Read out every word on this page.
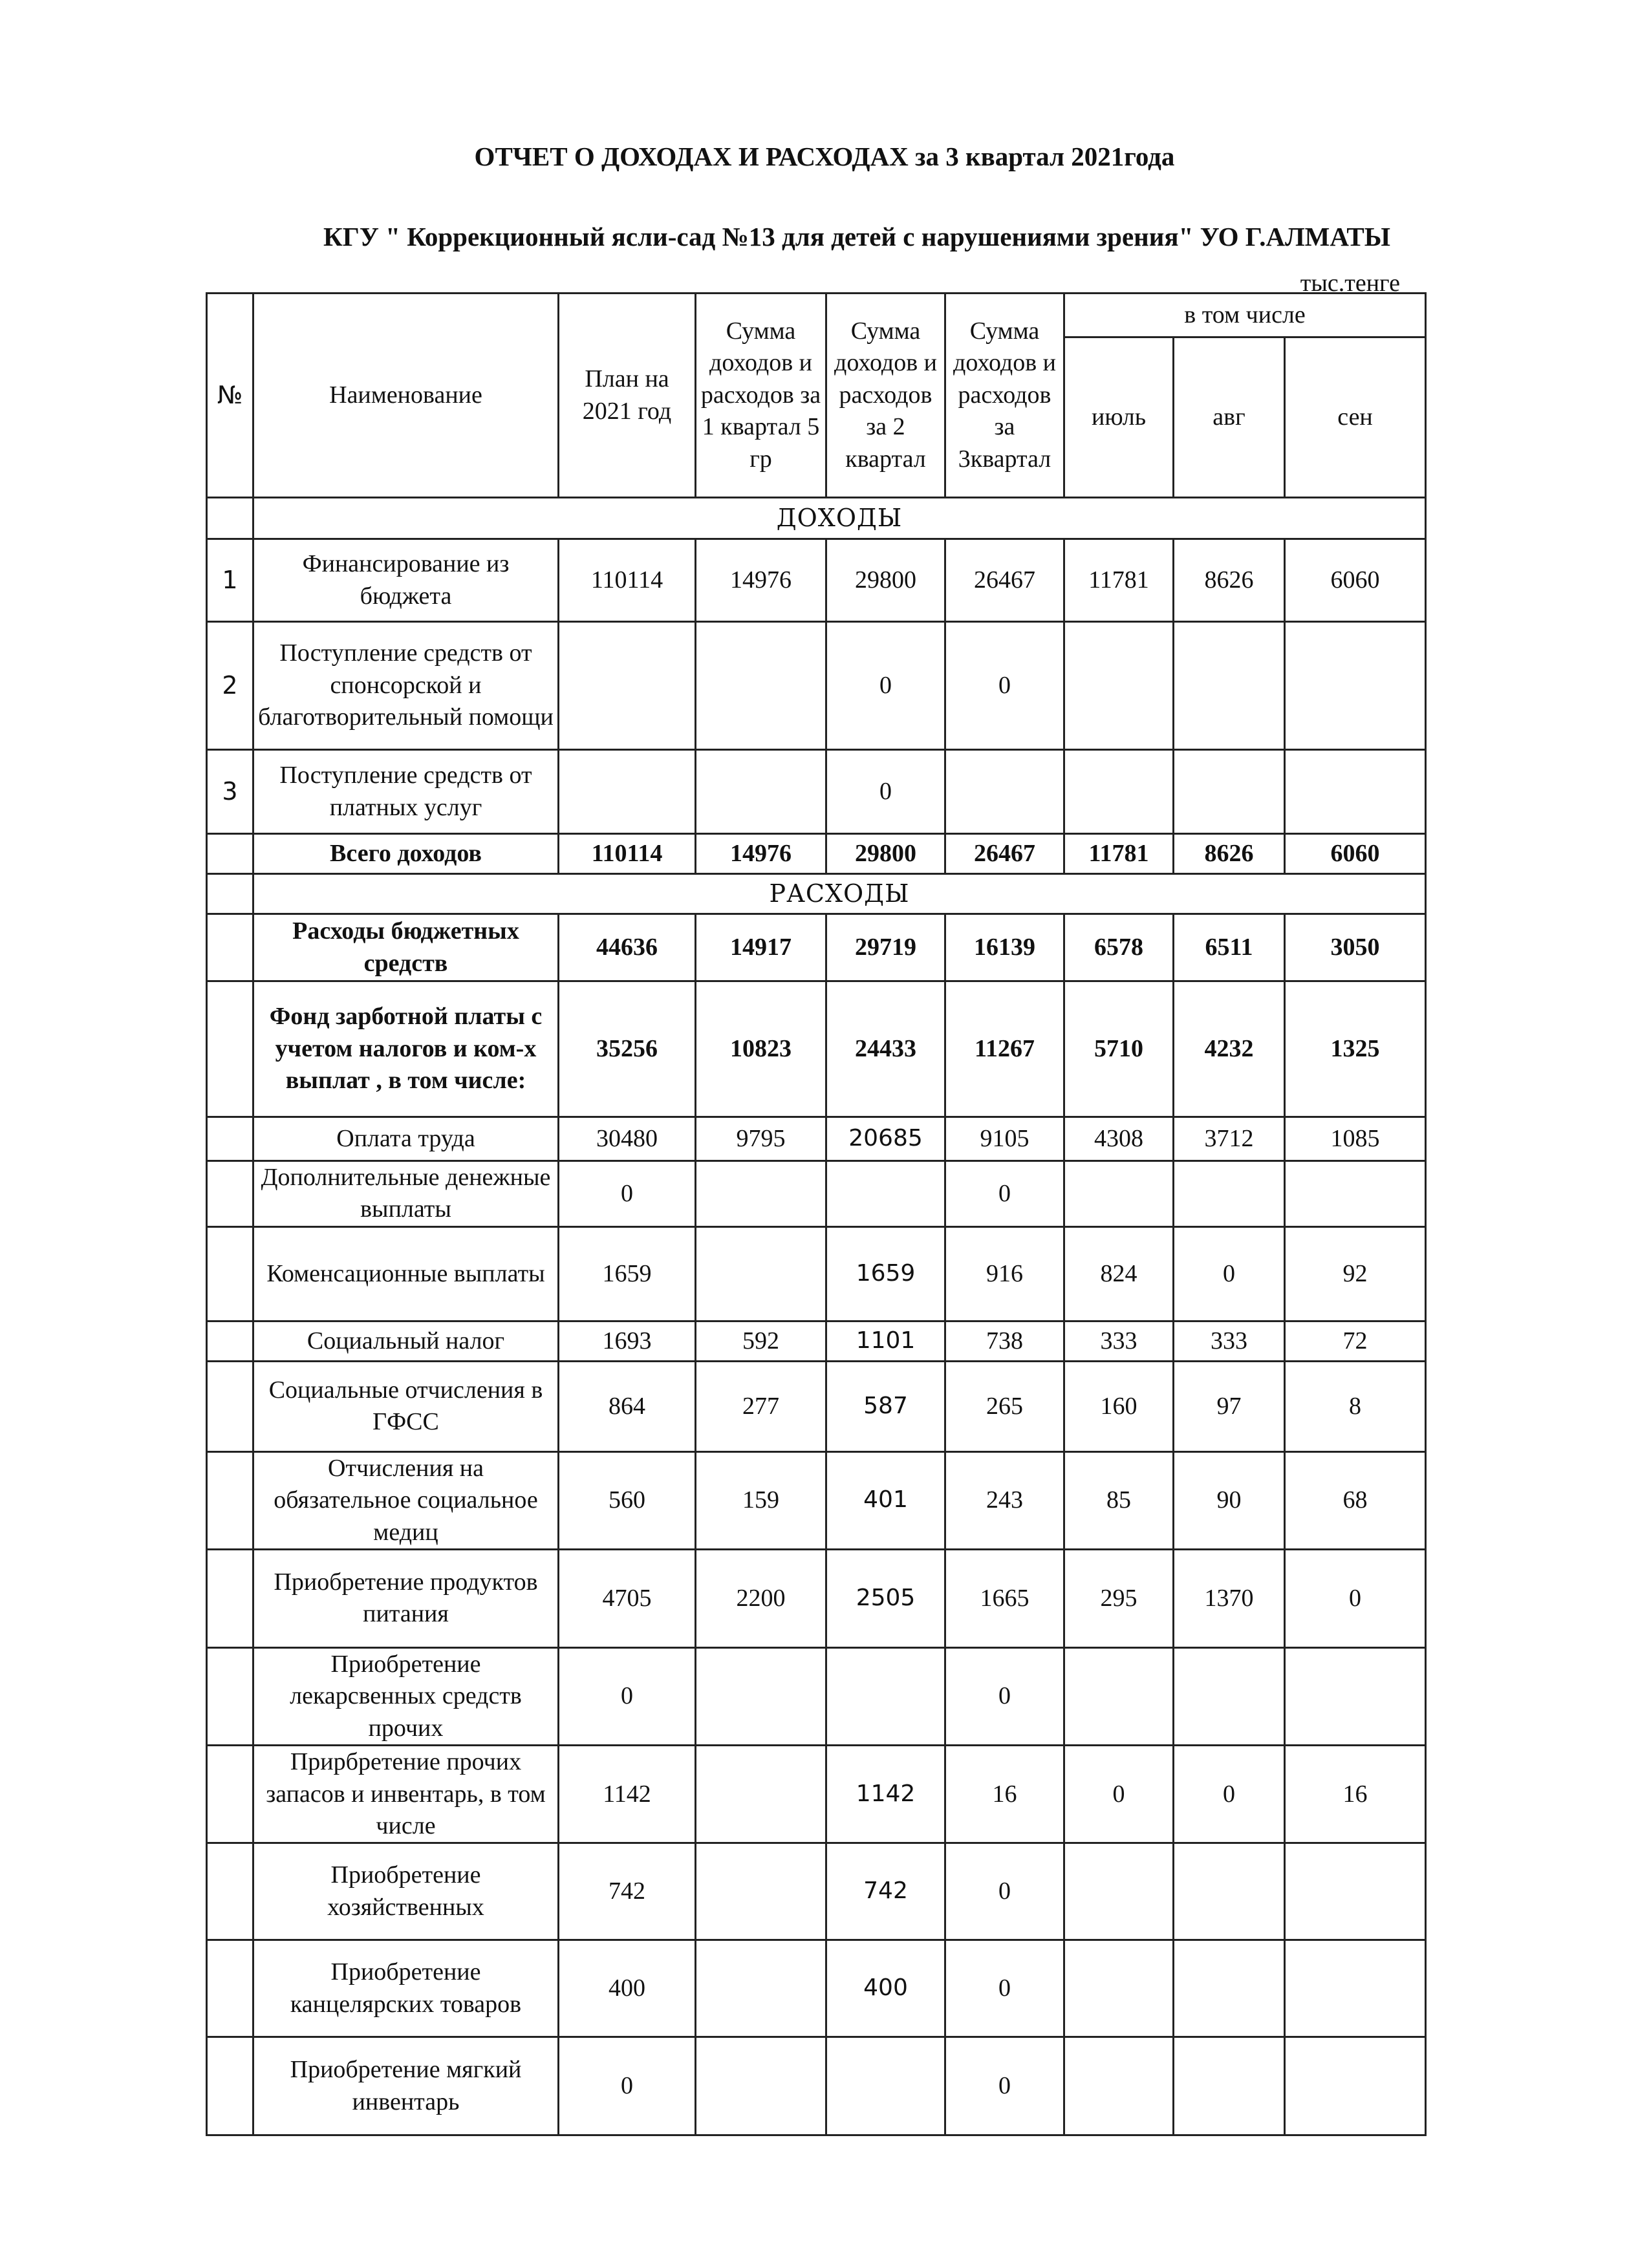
ОТЧЕТ О ДОХОДАХ И РАСХОДАХ за 3 квартал 2021года
КГУ " Коррекционный ясли-сад №13 для детей с нарушениями зрения" УО Г.АЛМАТЫ
тыс.тенге
№	Наименование	План на 2021 год	Сумма доходов и расходов за 1 квартал 5 гр	Сумма доходов и расходов за 2 квартал	Сумма доходов и расходов за 3квартал	в том числе		
						июль	авг	сен
	ДОХОДЫ							
1	Финансирование из бюджета	110114	14976	29800	26467	11781	8626	6060
2	Поступление средств от спонсорской и благотворительный помощи			0	0			
3	Поступление средств от платных услуг			0				
	Всего доходов	110114	14976	29800	26467	11781	8626	6060
	РАСХОДЫ							
	Расходы бюджетных средств	44636	14917	29719	16139	6578	6511	3050
	Фонд зарботной платы с учетом налогов и ком-х выплат , в том числе:	35256	10823	24433	11267	5710	4232	1325
	Оплата труда	30480	9795	20685	9105	4308	3712	1085
	Дополнительные денежные выплаты	0			0			
	Коменсационные выплаты	1659		1659	916	824	0	92
	Социальный налог	1693	592	1101	738	333	333	72
	Социальные отчисления в ГФСС	864	277	587	265	160	97	8
	Отчисления на обязательное социальное медиц	560	159	401	243	85	90	68
	Приобретение продуктов питания	4705	2200	2505	1665	295	1370	0
	Приобретение лекарсвенных средств прочих	0			0			
	Прирбретение прочих запасов и инвентарь, в том числе	1142		1142	16	0	0	16
	Приобретение хозяйственных	742		742	0			
	Приобретение канцелярских товаров	400		400	0			
	Приобретение мягкий инвентарь	0			0			
